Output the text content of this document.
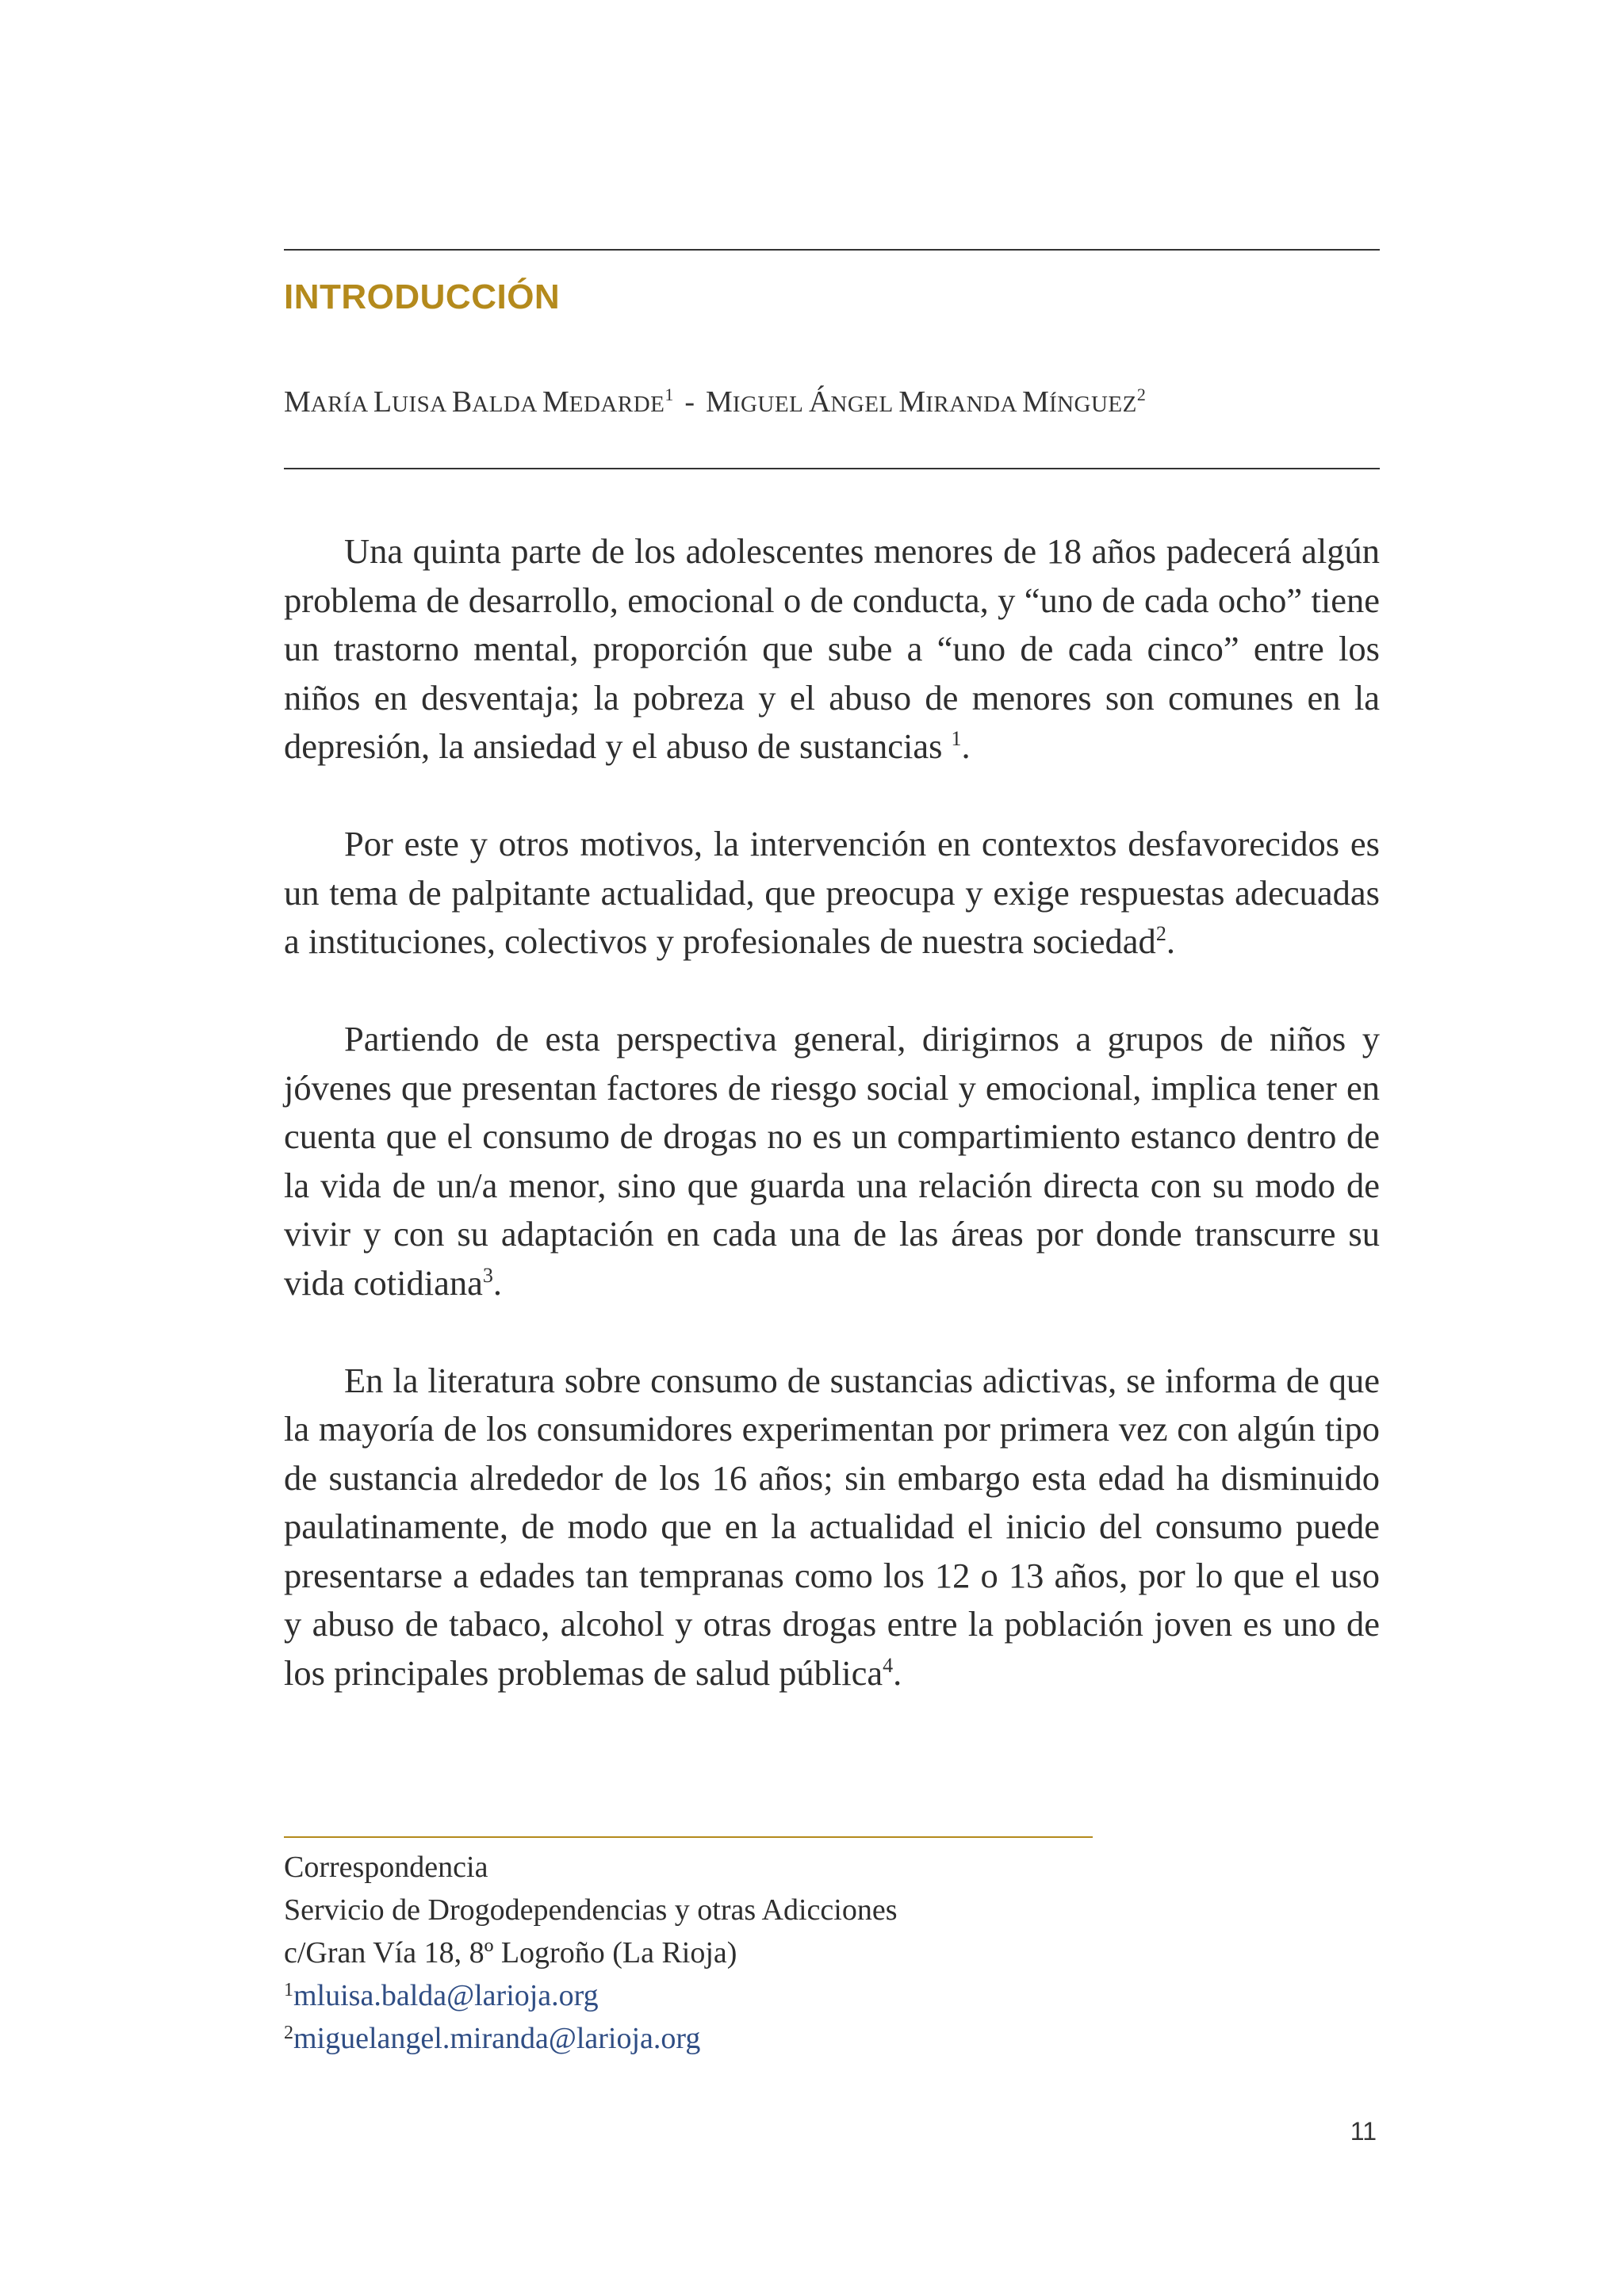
INTRODUCCIÓN
MARÍA LUISA BALDA MEDARDE$^1$ - MIGUEL ÁNGEL MIRANDA MÍNGUEZ$^2$

Una quinta parte de los adolescentes menores de 18 años padecerá algún problema de desarrollo, emocional o de conducta, y “uno de cada ocho” tiene un trastorno mental, proporción que sube a “uno de cada cinco” entre los niños en desventaja; la pobreza y el abuso de menores son comunes en la depresión, la ansiedad y el abuso de sustancias $^1$.

Por este y otros motivos, la intervención en contextos desfavorecidos es un tema de palpitante actualidad, que preocupa y exige respuestas adecuadas a instituciones, colectivos y profesionales de nuestra sociedad$^2$.

Partiendo de esta perspectiva general, dirigirnos a grupos de niños y jóvenes que presentan factores de riesgo social y emocional, implica tener en cuenta que el consumo de drogas no es un compartimiento estanco dentro de la vida de un/a menor, sino que guarda una relación directa con su modo de vivir y con su adaptación en cada una de las áreas por donde transcurre su vida cotidiana$^3$.

En la literatura sobre consumo de sustancias adictivas, se informa de que la mayoría de los consumidores experimentan por primera vez con algún tipo de sustancia alrededor de los 16 años; sin embargo esta edad ha disminuido paulatinamente, de modo que en la actualidad el inicio del consumo puede presentarse a edades tan tempranas como los 12 o 13 años, por lo que el uso y abuso de tabaco, alcohol y otras drogas entre la población joven es uno de los principales problemas de salud pública$^4$.

Correspondencia
Servicio de Drogodependencias y otras Adicciones
c/Gran Vía 18, 8º Logroño (La Rioja)
$^1$mluisa.balda@larioja.org
$^2$miguelangel.miranda@larioja.org
11
